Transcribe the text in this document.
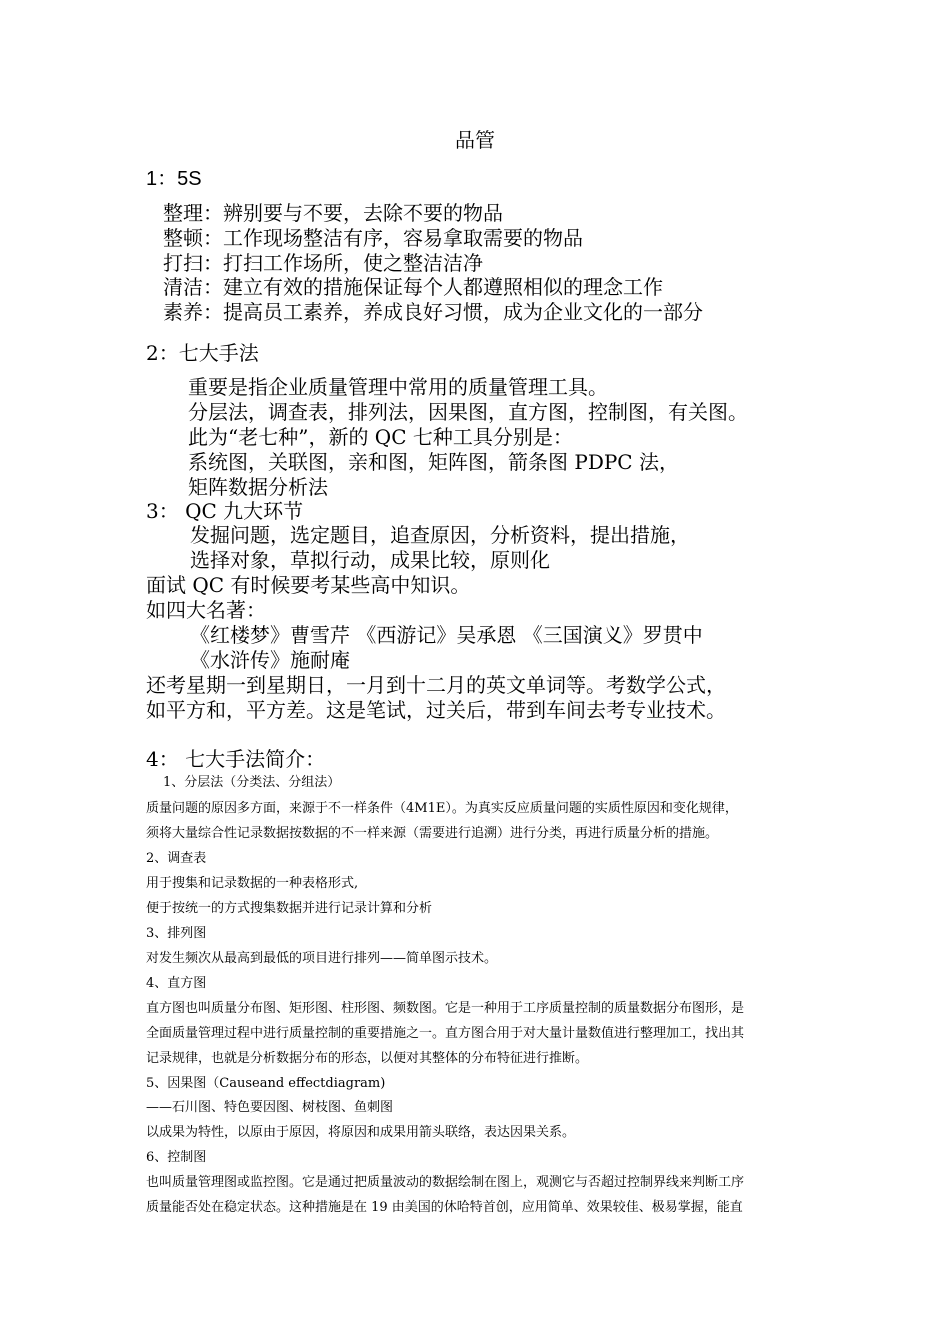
品管
1：5S
整理：辨别要与不要，去除不要的物品
整顿：工作现场整洁有序，容易拿取需要的物品
打扫：打扫工作场所，使之整洁洁净
清洁：建立有效的措施保证每个人都遵照相似的理念工作
素养：提高员工素养，养成良好习惯，成为企业文化的一部分
2：七大手法
重要是指企业质量管理中常用的质量管理工具。
分层法，调查表，排列法，因果图，直方图，控制图，有关图。
此为“老七种”，新的 QC 七种工具分别是：
系统图，关联图，亲和图，矩阵图，箭条图 PDPC 法，
矩阵数据分析法
3： QC 九大环节
发掘问题，选定题目，追查原因，分析资料，提出措施，
选择对象，草拟行动，成果比较，原则化
面试 QC 有时候要考某些高中知识。
如四大名著：
《红楼梦》曹雪芹 《西游记》吴承恩 《三国演义》罗贯中
《水浒传》施耐庵
还考星期一到星期日，一月到十二月的英文单词等。考数学公式，
如平方和，平方差。这是笔试，过关后，带到车间去考专业技术。
4： 七大手法简介：
1、分层法（分类法、分组法）
质量问题的原因多方面，来源于不一样条件（4M1E）。为真实反应质量问题的实质性原因和变化规律，
须将大量综合性记录数据按数据的不一样来源（需要进行追溯）进行分类，再进行质量分析的措施。
2、调查表
用于搜集和记录数据的一种表格形式,
便于按统一的方式搜集数据并进行记录计算和分析
3、排列图
对发生频次从最高到最低的项目进行排列——简单图示技术。
4、直方图
直方图也叫质量分布图、矩形图、柱形图、频数图。它是一种用于工序质量控制的质量数据分布图形，是
全面质量管理过程中进行质量控制的重要措施之一。直方图合用于对大量计量数值进行整理加工，找出其
记录规律，也就是分析数据分布的形态，以便对其整体的分布特征进行推断。
5、因果图（Causeand effectdiagram)
——石川图、特色要因图、树枝图、鱼刺图
以成果为特性，以原由于原因，将原因和成果用箭头联络，表达因果关系。
6、控制图
也叫质量管理图或监控图。它是通过把质量波动的数据绘制在图上，观测它与否超过控制界线来判断工序
质量能否处在稳定状态。这种措施是在 19 由美国的休哈特首创，应用简单、效果较佳、极易掌握，能直
